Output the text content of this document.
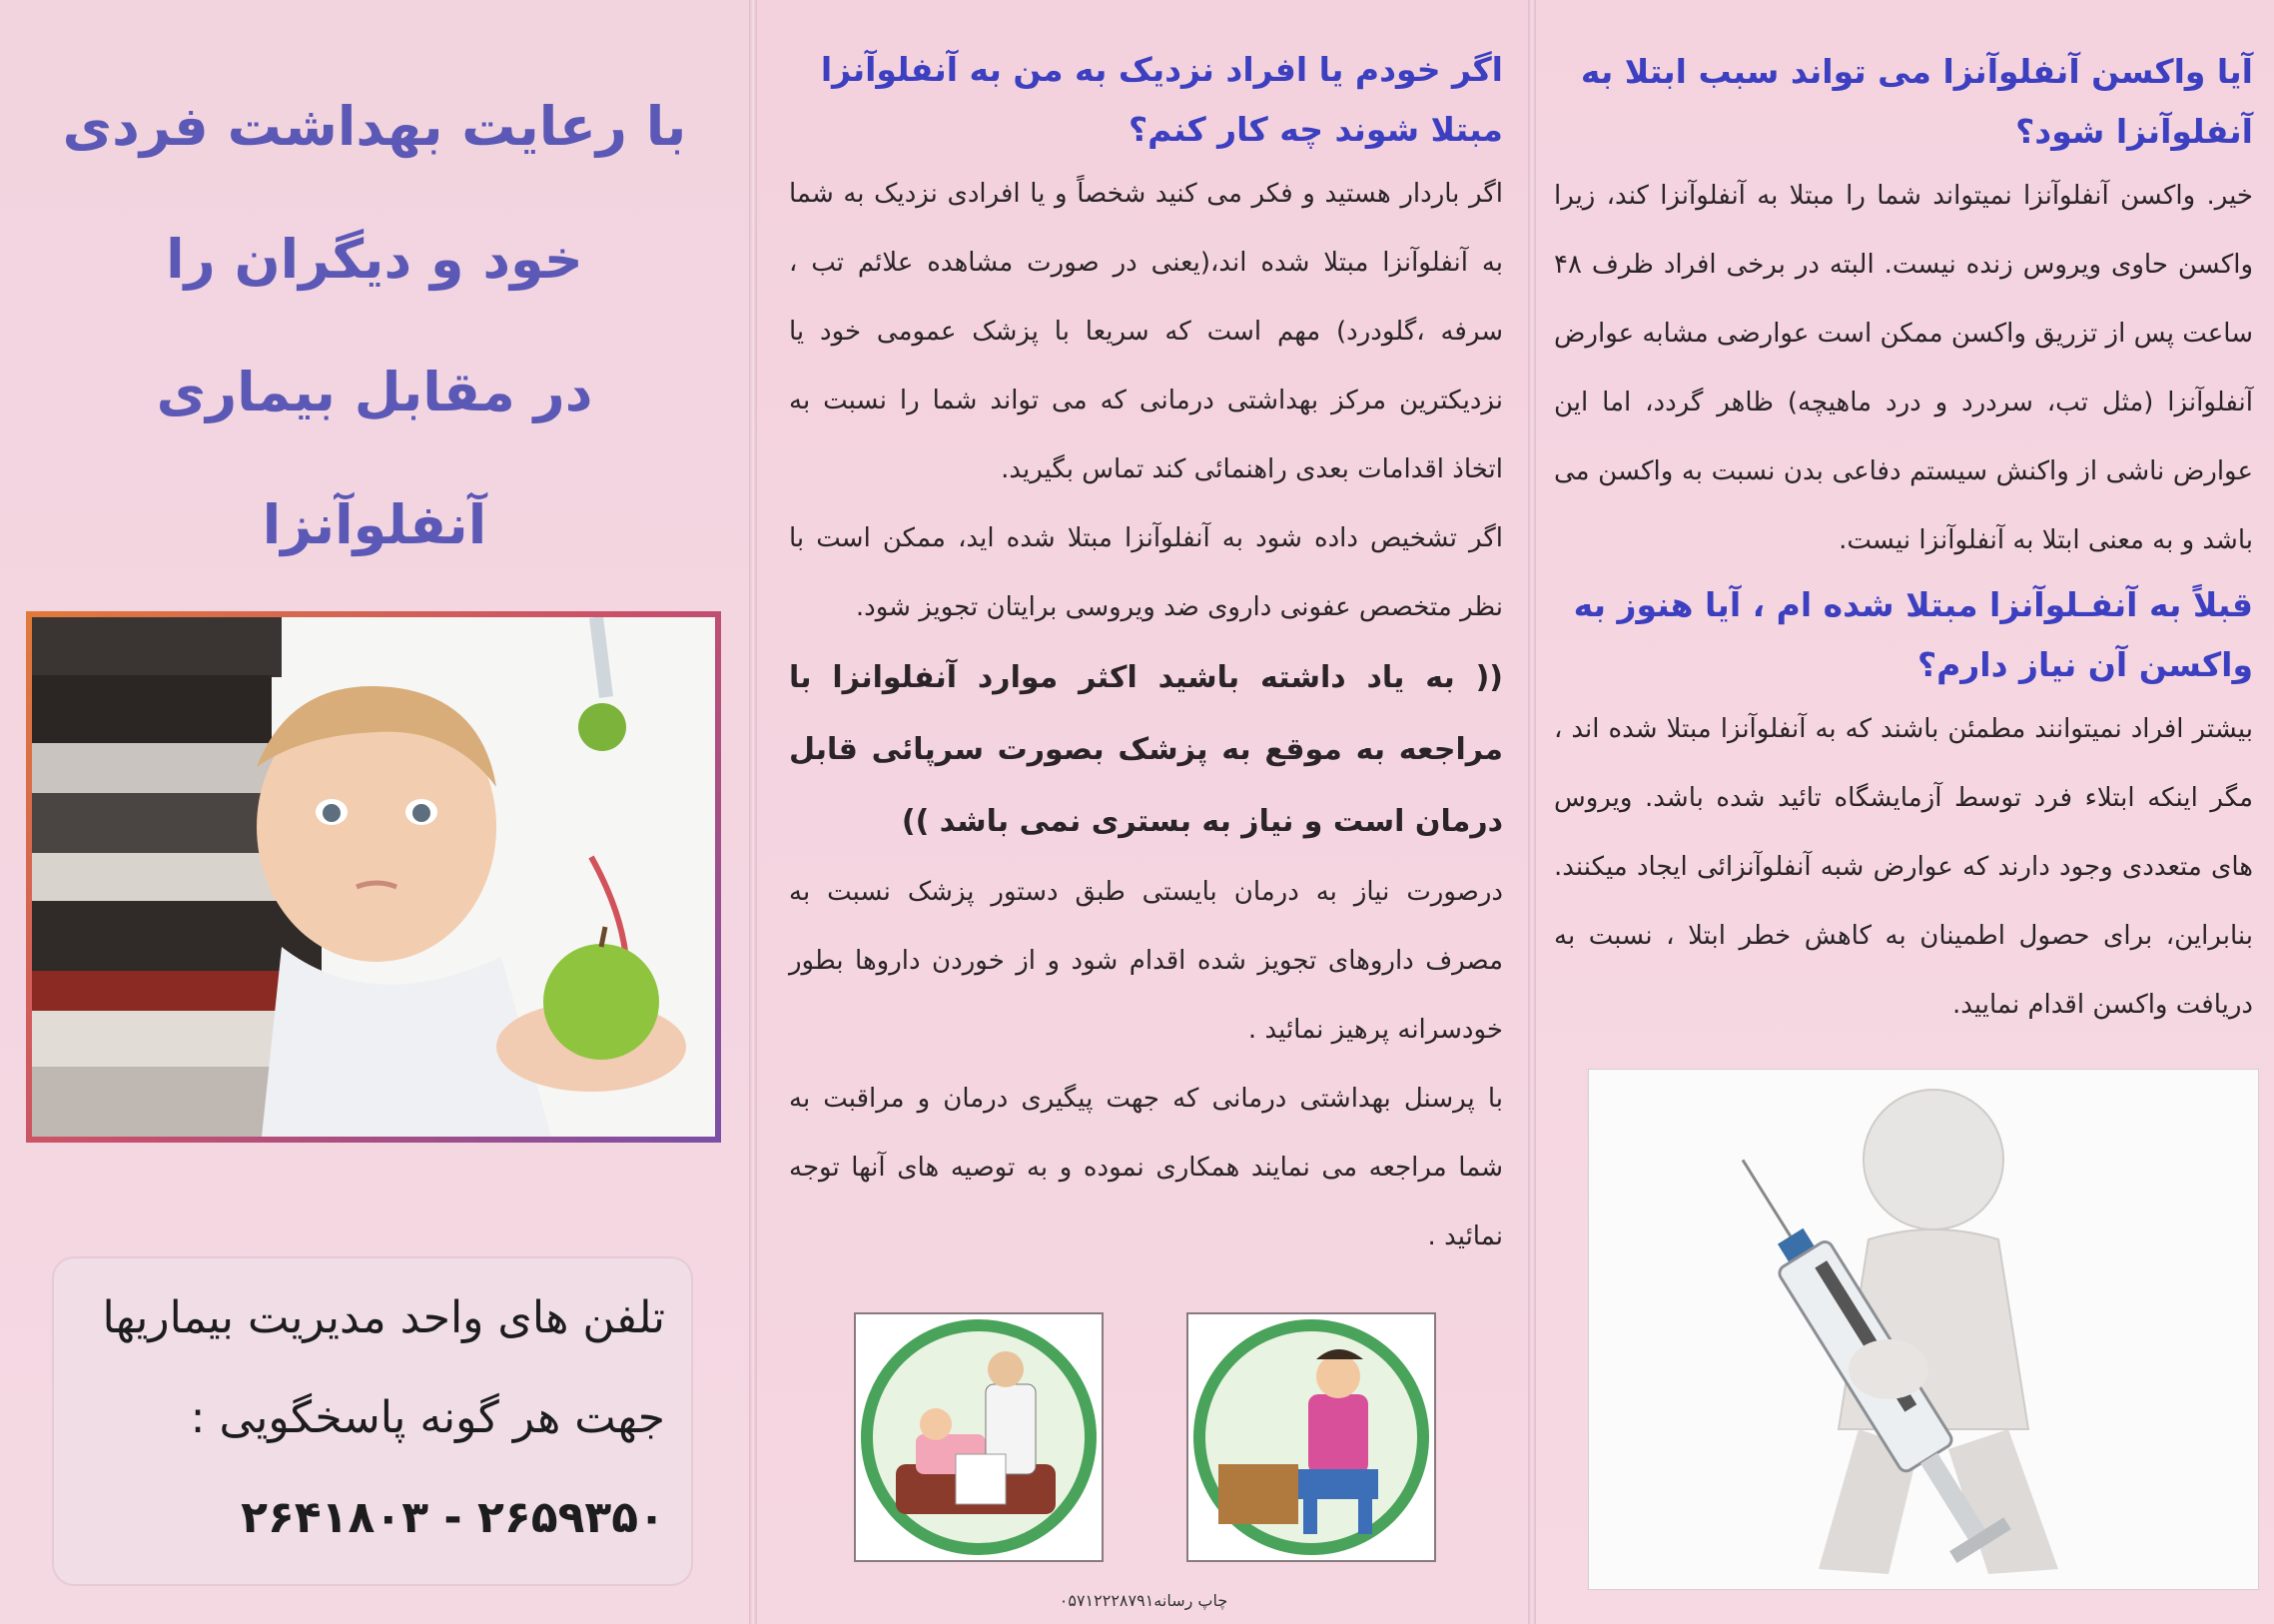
با رعایت بهداشت فردی
خود و دیگران را
در مقابل بیماری آنفلوآنزا

تلفن های واحد مدیریت بیماریها

جهت هر گونه پاسخگویی :

۲۶۵۹۳۵۰ - ۲۶۴۱۸۰۳

اگر خودم یا افراد نزدیک به من به آنفلوآنزا مبتلا شوند چه کار کنم؟

اگر باردار هستید و فکر می کنید شخصاً و یا افرادی نزدیک به شما به آنفلوآنزا مبتلا شده اند،(یعنی در صورت مشاهده علائم تب ، سرفه ،گلودرد) مهم است که سریعا با پزشک عمومی خود یا نزدیکترین مرکز بهداشتی درمانی که می تواند شما را نسبت به اتخاذ اقدامات بعدی راهنمائی کند تماس بگیرید.

اگر تشخیص داده شود به آنفلوآنزا مبتلا شده اید، ممکن است با نظر متخصص عفونی داروی ضد ویروسی برایتان تجویز شود.

(( به یاد داشته باشید اکثر موارد آنفلوانزا با مراجعه به موقع به پزشک بصورت سرپائی قابل درمان است و نیاز به بستری نمی باشد ))

درصورت نیاز به درمان بایستی طبق دستور پزشک نسبت به مصرف داروهای تجویز شده اقدام شود و از خوردن داروها بطور خودسرانه پرهیز نمائید .

با پرسنل بهداشتی درمانی که جهت پیگیری درمان و مراقبت به شما مراجعه می نمایند همکاری نموده و به توصیه های آنها توجه نمائید .

چاپ رسانه۰۵۷۱۲۲۲۸۷۹۱

آیا واکسن آنفلوآنزا می تواند سبب ابتلا به آنفلوآنزا شود؟

خیر. واکسن آنفلوآنزا نمیتواند شما را مبتلا به آنفلوآنزا کند، زیرا واکسن حاوی ویروس زنده نیست. البته در برخی افراد ظرف ۴۸ ساعت پس از تزریق واکسن ممکن است عوارضی مشابه عوارض آنفلوآنزا (مثل تب، سردرد و درد ماهیچه) ظاهر گردد، اما این عوارض ناشی از واکنش سیستم دفاعی بدن نسبت به واکسن می باشد و به معنی ابتلا به آنفلوآنزا نیست.

قبلاً به آنفـلوآنزا مبتلا شده ام ، آیا هنوز به واکسن آن نیاز دارم؟

بیشتر افراد نمیتوانند مطمئن باشند که به آنفلوآنزا مبتلا شده اند ، مگر اینکه ابتلاء فرد توسط آزمایشگاه تائید شده باشد. ویروس های متعددی وجود دارند که عوارض شبه آنفلوآنزائی ایجاد میکنند. بنابراین، برای حصول اطمینان به کاهش خطر ابتلا ، نسبت به دریافت واکسن اقدام نمایید.
